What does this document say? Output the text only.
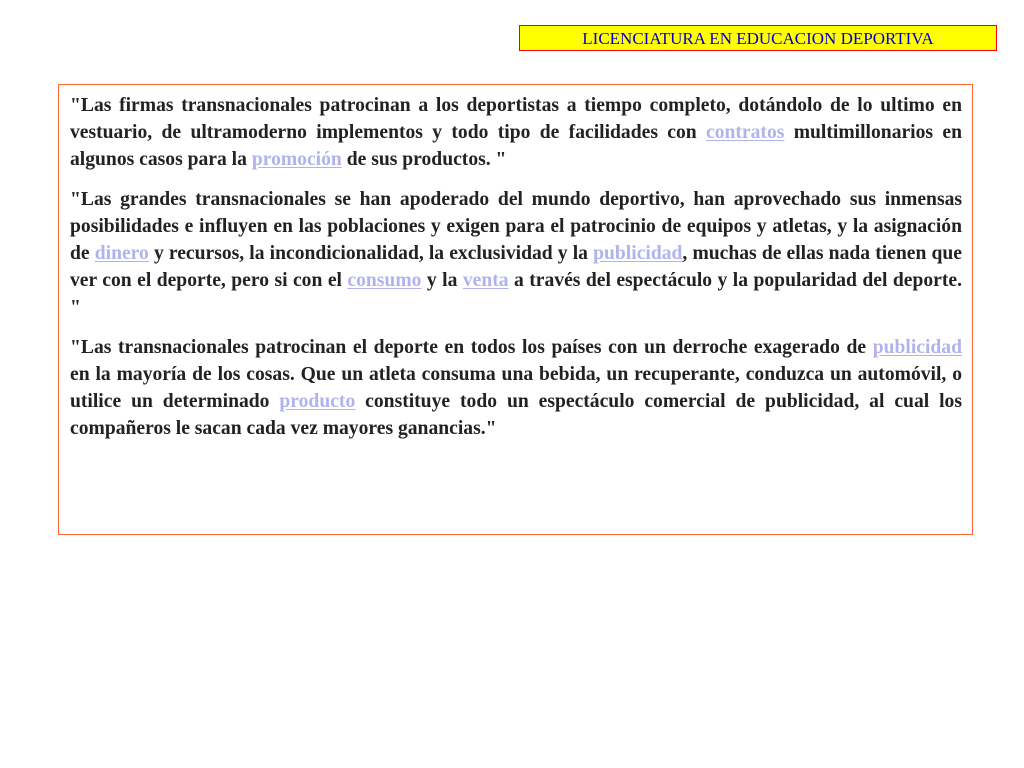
LICENCIATURA EN EDUCACION DEPORTIVA

"Las firmas transnacionales patrocinan a los deportistas a tiempo completo, dotándolo de lo ultimo en vestuario, de ultramoderno implementos y todo tipo de facilidades con contratos multimillonarios en algunos casos para la promoción de sus productos. "

"Las grandes transnacionales se han apoderado del mundo deportivo, han aprovechado sus inmensas posibilidades e influyen en las poblaciones y exigen para el patrocinio de equipos y atletas, y la asignación de dinero y recursos, la incondicionalidad, la exclusividad y la publicidad, muchas de ellas nada tienen que ver con el deporte, pero si con el consumo y la venta a través del espectáculo y la popularidad del deporte. "

"Las transnacionales patrocinan el deporte en todos los países con un derroche exagerado de publicidad en la mayoría de los cosas. Que un atleta consuma una bebida, un recuperante, conduzca un automóvil, o utilice un determinado producto constituye todo un espectáculo comercial de publicidad, al cual los compañeros le sacan cada vez mayores ganancias."
